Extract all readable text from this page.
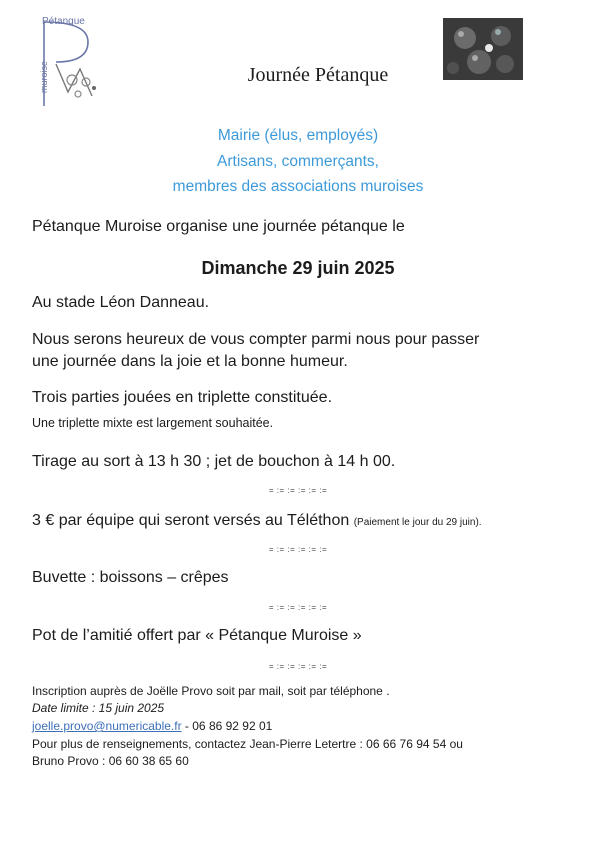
Pétanque
muroise	Journée Pétanque
Mairie (élus, employés)
Artisans, commerçants,
membres des associations muroises
Pétanque Muroise organise une journée pétanque le
Dimanche 29 juin 2025
Au stade Léon Danneau.
Nous serons heureux de vous compter parmi nous pour passer
une journée dans la joie et la bonne humeur.
Trois parties jouées en triplette constituée.
Une triplette mixte est largement souhaitée.
Tirage au sort à 13 h 30 ; jet de bouchon à 14 h 00.
= := := := := :=
3 € par équipe qui seront versés au Téléthon (Paiement le jour du 29 juin).
= := := := := :=
Buvette : boissons – crêpes
= := := := := :=
Pot de l’amitié offert par « Pétanque Muroise »
= := := := := :=
Inscription auprès de Joëlle Provo soit par mail, soit par téléphone .
Date limite : 15 juin 2025
joelle.provo@numericable.fr - 06 86 92 92 01
Pour plus de renseignements, contactez Jean-Pierre Letertre : 06 66 76 94 54 ou
Bruno Provo : 06 60 38 65 60
